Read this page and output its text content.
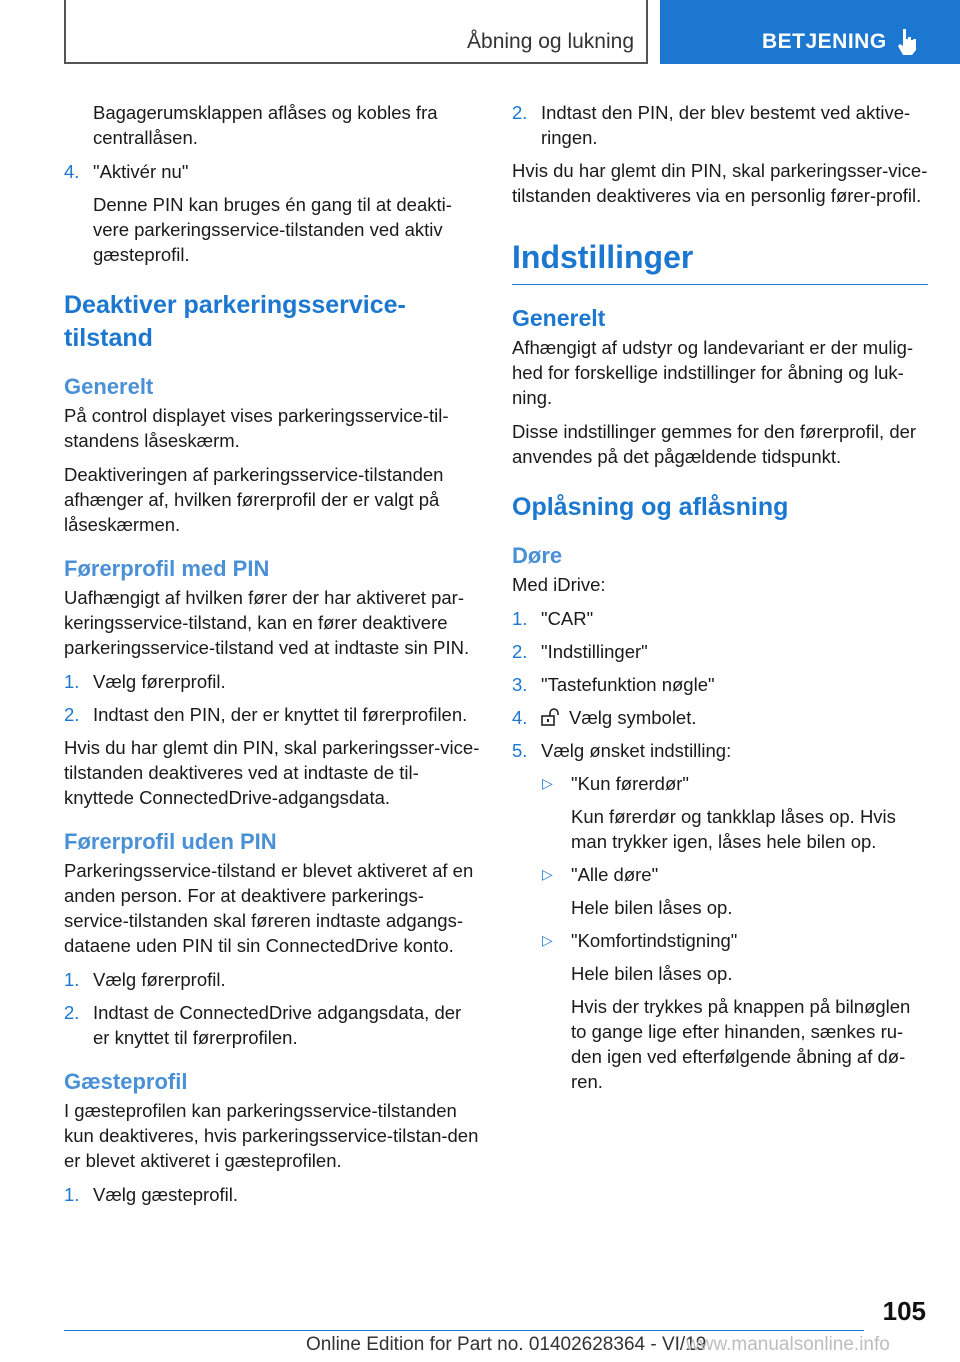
Åbning og lukning	BETJENING

Bagagerumsklappen aflåses og kobles fra centrallåsen.

4. "Aktivér nu"

Denne PIN kan bruges én gang til at deakti-vere parkeringsservice-tilstanden ved aktiv gæsteprofil.

Deaktiver parkeringsservice-tilstand
Generelt

På control displayet vises parkeringsservice-til-standens låseskærm.

Deaktiveringen af parkeringsservice-tilstanden afhænger af, hvilken førerprofil der er valgt på låseskærmen.

Førerprofil med PIN

Uafhængigt af hvilken fører der har aktiveret par-keringsservice-tilstand, kan en fører deaktivere parkeringsservice-tilstand ved at indtaste sin PIN.

1. Vælg førerprofil.
2. Indtast den PIN, der er knyttet til førerprofilen.

Hvis du har glemt din PIN, skal parkeringsser-vice-tilstanden deaktiveres ved at indtaste de til-knyttede ConnectedDrive-adgangsdata.

Førerprofil uden PIN

Parkeringsservice-tilstand er blevet aktiveret af en anden person. For at deaktivere parkerings-service-tilstanden skal føreren indtaste adgangs-dataene uden PIN til sin ConnectedDrive konto.

1. Vælg førerprofil.
2. Indtast de ConnectedDrive adgangsdata, der er knyttet til førerprofilen.
Gæsteprofil

I gæsteprofilen kan parkeringsservice-tilstanden kun deaktiveres, hvis parkeringsservice-tilstan-den er blevet aktiveret i gæsteprofilen.

1. Vælg gæsteprofil.
2. Indtast den PIN, der blev bestemt ved aktive-ringen.

Hvis du har glemt din PIN, skal parkeringsser-vice-tilstanden deaktiveres via en personlig fører-profil.

Indstillinger
Generelt

Afhængigt af udstyr og landevariant er der mulig-hed for forskellige indstillinger for åbning og luk-ning.

Disse indstillinger gemmes for den førerprofil, der anvendes på det pågældende tidspunkt.

Oplåsning og aflåsning
Døre

Med iDrive:

1. "CAR"
2. "Indstillinger"
3. "Tastefunktion nøgle"
4. Vælg symbolet.
5. Vælg ønsket indstilling:
▷ "Kun førerdør"

Kun førerdør og tankklap låses op. Hvis man trykker igen, låses hele bilen op.

▷ "Alle døre"

Hele bilen låses op.

▷ "Komfortindstigning"

Hele bilen låses op.

Hvis der trykkes på knappen på bilnøglen to gange lige efter hinanden, sænkes ru-den igen ved efterfølgende åbning af dø-ren.

105
Online Edition for Part no. 01402628364 - VI/19
www.manualsonline.info
